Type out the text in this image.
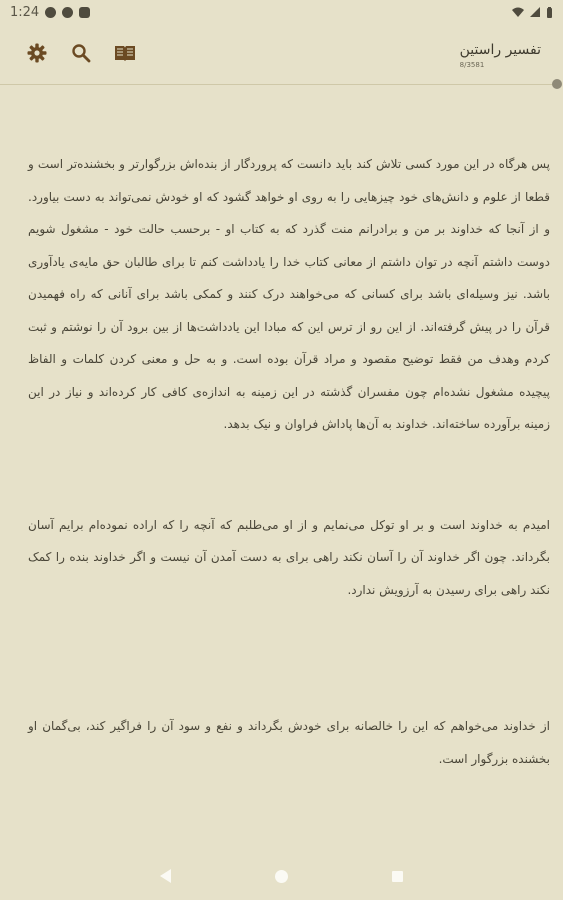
1:24
تفسیر راستین
8/3581

پس هرگاه در این مورد کسی تلاش کند باید دانست که پروردگار از بنده‌اش بزرگوارتر و بخشنده‌تر است و قطعا از علوم و دانش‌های خود چیزهایی را به روی او خواهد گشود که او خودش نمی‌تواند به دست بیاورد. و از آنجا که خداوند بر من و برادرانم منت گذرد که به کتاب او - برحسب حالت خود - مشغول شویم دوست داشتم آنچه در توان داشتم از معانی کتاب خدا را یادداشت کنم تا برای طالبان حق مایه‌ی یادآوری باشد. نیز وسیله‌ای باشد برای کسانی که می‌خواهند درک کنند و کمکی باشد برای آنانی که راه فهمیدن قرآن را در پیش گرفته‌اند. از این رو از ترس این که مبادا این یادداشت‌ها از بین برود آن را نوشتم و ثبت کردم وهدف من فقط توضیح مقصود و مراد قرآن بوده است. و به حل و معنی کردن کلمات و الفاظ پیچیده مشغول نشده‌ام چون مفسران گذشته در این زمینه به اندازه‌ی کافی کار کرده‌اند و نیاز در این زمینه برآورده ساخته‌اند. خداوند به آن‌ها پاداش فراوان و نیک بدهد.

امیدم به خداوند است و بر او توکل می‌نمایم و از او می‌طلبم که آنچه را که اراده نموده‌ام برایم آسان بگرداند. چون اگر خداوند آن را آسان نکند راهی برای به دست آمدن آن نیست و اگر خداوند بنده را کمک نکند راهی برای رسیدن به آرزویش ندارد.

از خداوند می‌خواهم که این را خالصانه برای خودش بگرداند و نفع و سود آن را فراگیر کند، بی‌گمان او بخشنده بزرگوار است.
